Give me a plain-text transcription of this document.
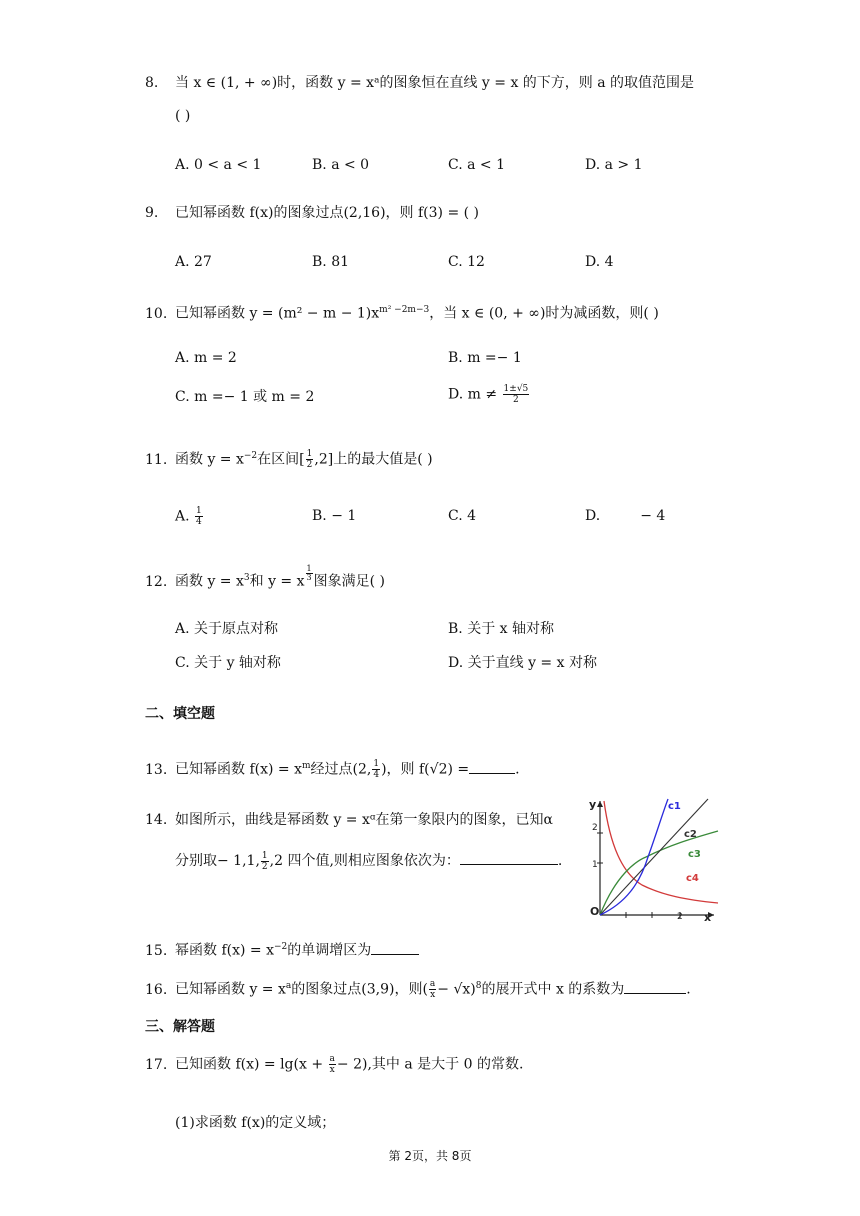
8. 当 x ∈ (1, + ∞)时，函数 y = xᵃ的图象恒在直线 y = x 的下方，则 a 的取值范围是
( )
A. 0 < a < 1	B. a < 0	C. a < 1	D. a > 1
9. 已知幂函数 f(x)的图象过点(2,16)，则 f(3) = ( )
A. 27	B. 81	C. 12	D. 4
10. 已知幂函数 $y = (m^2 - m - 1)x^{m^2 -2m-3}$，当 x ∈ (0, + ∞)时为减函数，则( )
A. m = 2	B. m =− 1
C. m =− 1 或 m = 2	D. $m \ne \frac{1\pm√5}{2}$
11. 函数 $y = x^{-2}$在区间[ $\frac{1}{2} ,2$]上的最大值是( )
A. $\frac{1}{4}$	B. − 1	C. 4	D.         − 4
12. 函数 $y = x^3$和 y = x $\frac{1}{3}$ 图象满足( )
A. 关于原点对称	B. 关于 x 轴对称
C. 关于 y 轴对称	D. 关于直线 y = x 对称
二、填空题
13. 已知幂函数 $f(x) = x^m$经过点(2, $\frac{1}{4}$ )，则 f(√2) =	.
14. 如图所示，曲线是幂函数 y = xᵅ在第一象限内的图象，已知α
分别取− 1,1, $\frac{1}{2} ,2$ 四个值,则相应图象依次为：	.
y
2
1
O	2 x
c1
c2
c3
c4
15. 幂函数 $f(x) = x^{-2}$的单调增区为
16. 已知幂函数 $y = x^a$的图象过点(3,9)，则( $\frac{a}{x} - √x)^8$的展开式中 x 的系数为	.
三、解答题
17. 已知函数 $f(x) = \lg(x + \frac{a}{x} - 2)$,其中 a 是大于 0 的常数.
(1)求函数 f(x)的定义域；
第 2页，共 8页
